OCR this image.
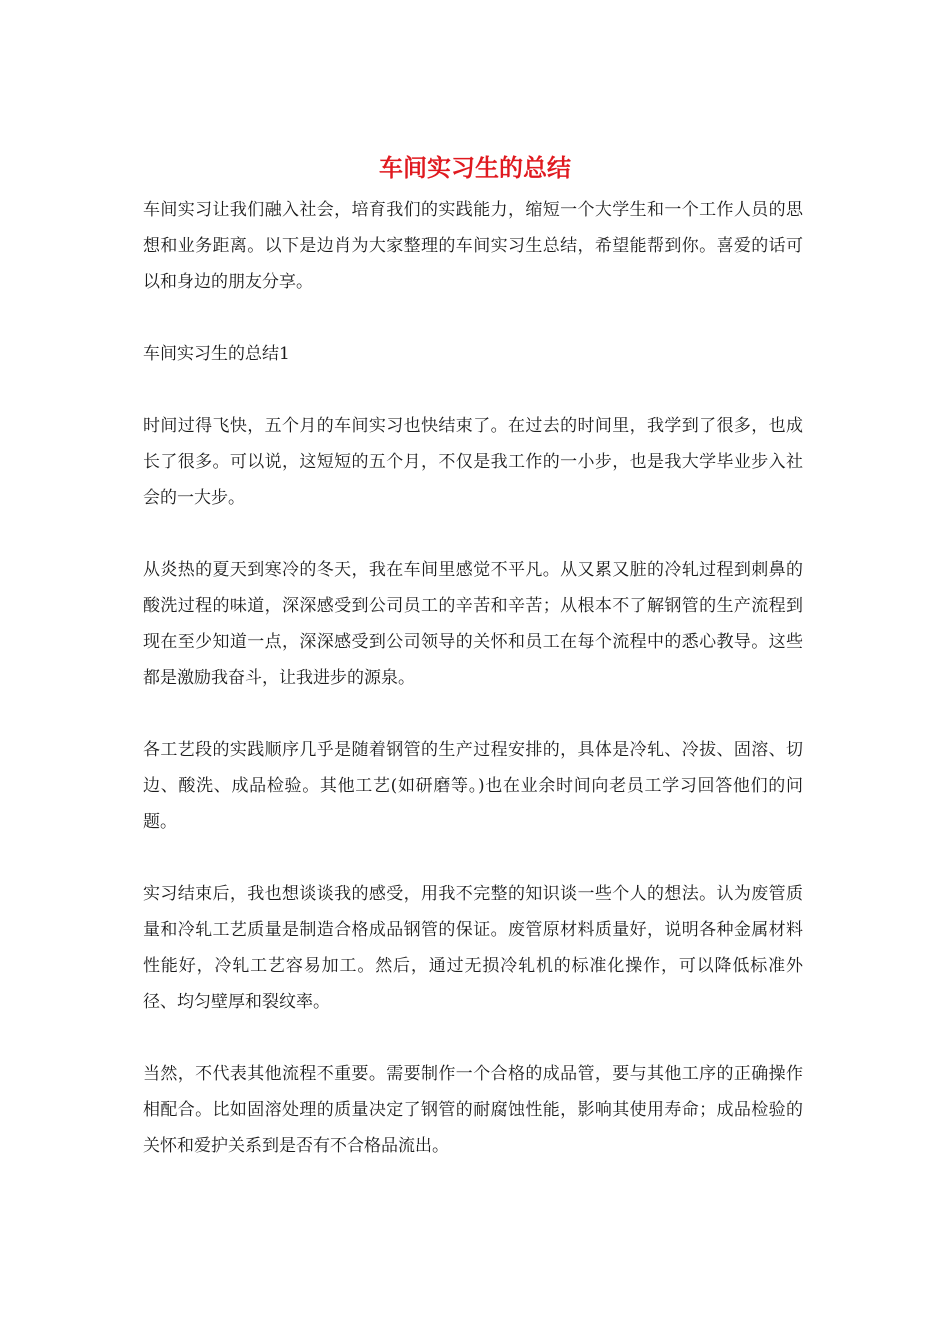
车间实习生的总结

车间实习让我们融入社会，培育我们的实践能力，缩短一个大学生和一个工作人员的思想和业务距离。以下是边肖为大家整理的车间实习生总结，希望能帮到你。喜爱的话可以和身边的朋友分享。

车间实习生的总结1

时间过得飞快，五个月的车间实习也快结束了。在过去的时间里，我学到了很多，也成长了很多。可以说，这短短的五个月，不仅是我工作的一小步，也是我大学毕业步入社会的一大步。

从炎热的夏天到寒冷的冬天，我在车间里感觉不平凡。从又累又脏的冷轧过程到刺鼻的酸洗过程的味道，深深感受到公司员工的辛苦和辛苦；从根本不了解钢管的生产流程到现在至少知道一点，深深感受到公司领导的关怀和员工在每个流程中的悉心教导。这些都是激励我奋斗，让我进步的源泉。

各工艺段的实践顺序几乎是随着钢管的生产过程安排的，具体是冷轧、冷拔、固溶、切边、酸洗、成品检验。其他工艺(如研磨等。)也在业余时间向老员工学习回答他们的问题。

实习结束后，我也想谈谈我的感受，用我不完整的知识谈一些个人的想法。认为废管质量和冷轧工艺质量是制造合格成品钢管的保证。废管原材料质量好，说明各种金属材料性能好，冷轧工艺容易加工。然后，通过无损冷轧机的标准化操作，可以降低标准外径、均匀壁厚和裂纹率。

当然，不代表其他流程不重要。需要制作一个合格的成品管，要与其他工序的正确操作相配合。比如固溶处理的质量决定了钢管的耐腐蚀性能，影响其使用寿命；成品检验的关怀和爱护关系到是否有不合格品流出。
